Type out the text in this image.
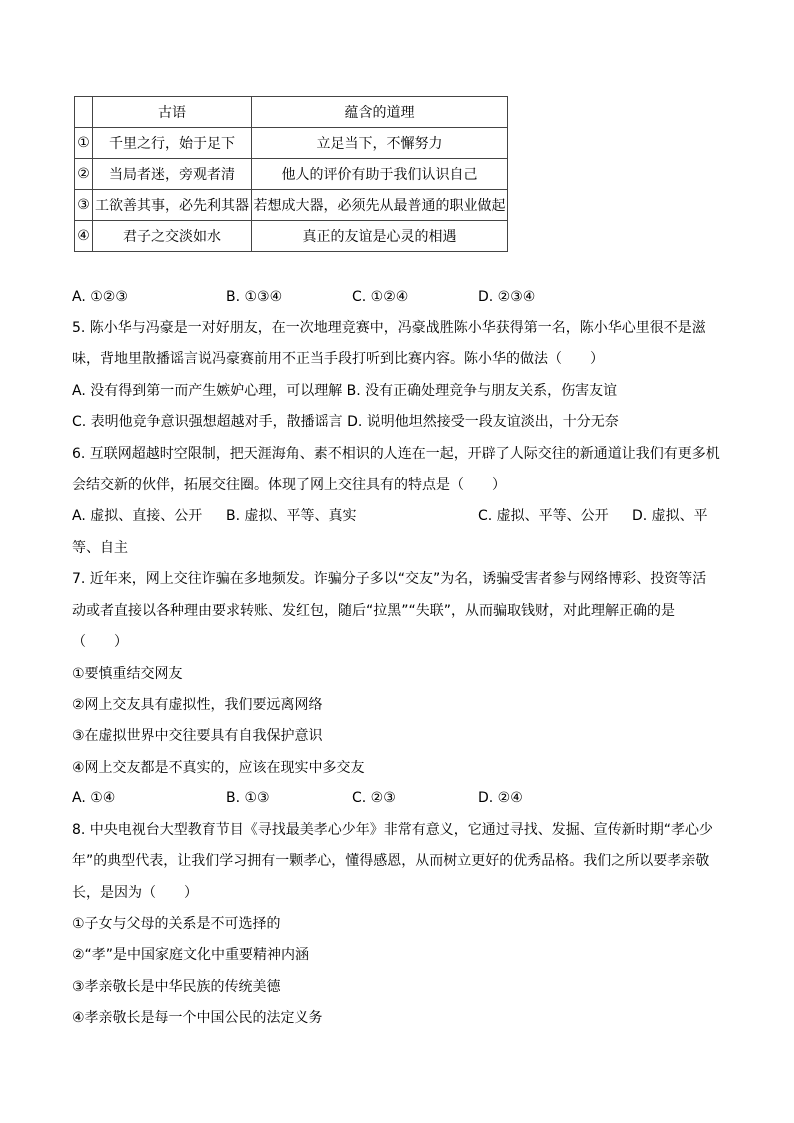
	古语	蕴含的道理
①	千里之行，始于足下	立足当下，不懈努力
②	当局者迷，旁观者清	他人的评价有助于我们认识自己
③	工欲善其事，必先利其器	若想成大器，必须先从最普通的职业做起
④	君子之交淡如水	真正的友谊是心灵的相遇
A. ①②③	B. ①③④	C. ①②④	D. ②③④
5. 陈小华与冯豪是一对好朋友，在一次地理竞赛中，冯豪战胜陈小华获得第一名，陈小华心里很不是滋
味，背地里散播谣言说冯豪赛前用不正当手段打听到比赛内容。陈小华的做法（　　）
A. 没有得到第一而产生嫉妒心理，可以理解 B. 没有正确处理竞争与朋友关系，伤害友谊
C. 表明他竞争意识强想超越对手，散播谣言 D. 说明他坦然接受一段友谊淡出，十分无奈
6. 互联网超越时空限制，把天涯海角、素不相识的人连在一起，开辟了人际交往的新通道让我们有更多机
会结交新的伙伴，拓展交往圈。体现了网上交往具有的特点是（　　）
A. 虚拟、直接、公开 B. 虚拟、平等、真实	C. 虚拟、平等、公开 D. 虚拟、平
等、自主
7. 近年来，网上交往诈骗在多地频发。诈骗分子多以“交友”为名，诱骗受害者参与网络博彩、投资等活
动或者直接以各种理由要求转账、发红包，随后“拉黑”“失联”，从而骗取钱财，对此理解正确的是
（　　）
①要慎重结交网友
②网上交友具有虚拟性，我们要远离网络
③在虚拟世界中交往要具有自我保护意识
④网上交友都是不真实的，应该在现实中多交友
A. ①④	B. ①③	C. ②③	D. ②④
8. 中央电视台大型教育节目《寻找最美孝心少年》非常有意义，它通过寻找、发掘、宣传新时期“孝心少
年”的典型代表，让我们学习拥有一颗孝心，懂得感恩，从而树立更好的优秀品格。我们之所以要孝亲敬
长，是因为（　　）
①子女与父母的关系是不可选择的
②“孝”是中国家庭文化中重要精神内涵
③孝亲敬长是中华民族的传统美德
④孝亲敬长是每一个中国公民的法定义务
